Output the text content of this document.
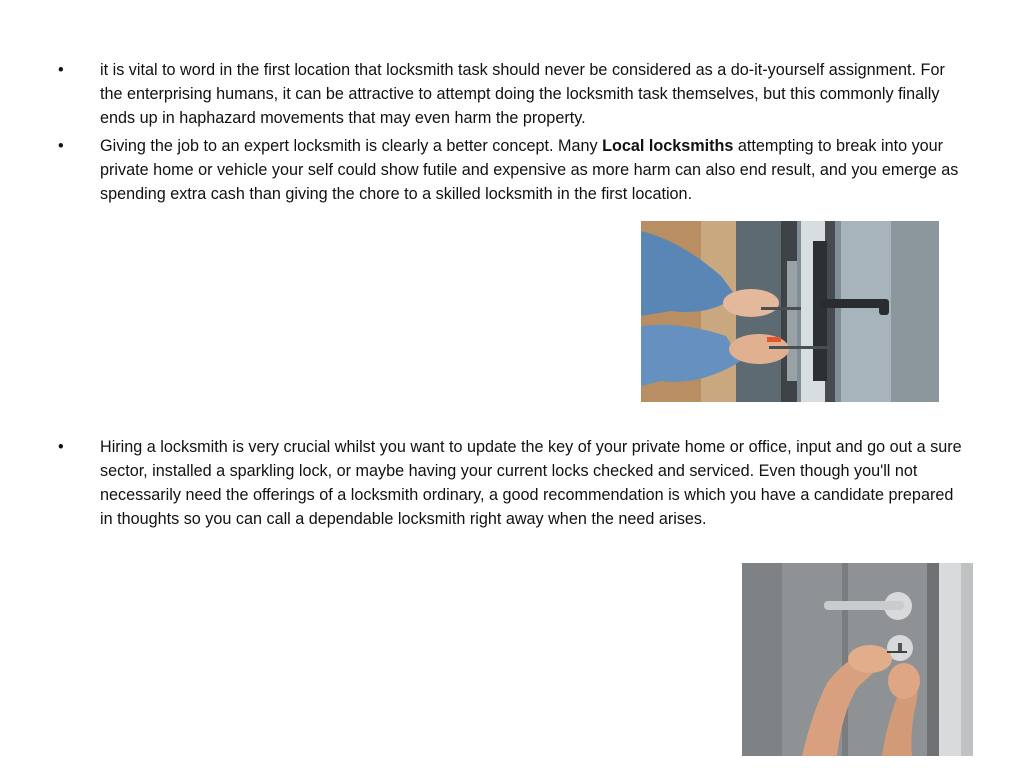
•	it is vital to word in the first location that locksmith task should never be considered as a do-it-yourself assignment. For the enterprising humans, it can be attractive to attempt doing the locksmith task themselves, but this commonly finally ends up in haphazard movements that may even harm the property.
•	Giving the job to an expert locksmith is clearly a better concept. Many Local locksmiths attempting to break into your private home or vehicle your self could show futile and expensive as more harm can also end result, and you emerge as spending extra cash than giving the chore to a skilled locksmith in the first location.
•	Hiring a locksmith is very crucial whilst you want to update the key of your private home or office, input and go out a sure sector, installed a sparkling lock, or maybe having your current locks checked and serviced. Even though you'll not necessarily need the offerings of a locksmith ordinary, a good recommendation is which you have a candidate prepared in thoughts so you can call a dependable locksmith right away when the need arises.
